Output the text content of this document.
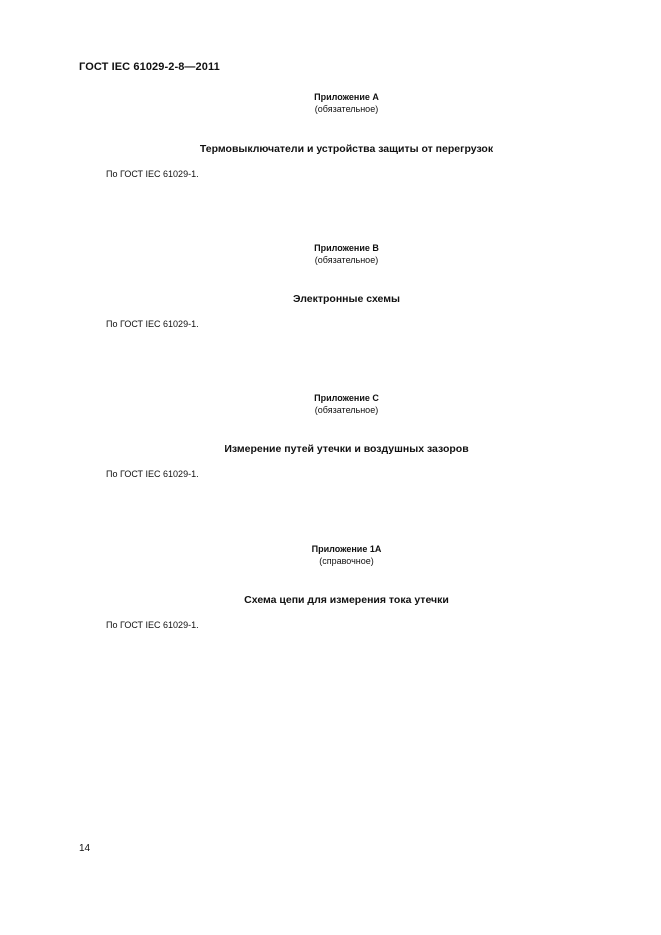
ГОСТ IEC 61029-2-8—2011
Приложение А
(обязательное)
Термовыключатели и устройства защиты от перегрузок
По ГОСТ IEC 61029-1.
Приложение В
(обязательное)
Электронные схемы
По ГОСТ IEC 61029-1.
Приложение С
(обязательное)
Измерение путей утечки и воздушных зазоров
По ГОСТ IEC 61029-1.
Приложение 1А
(справочное)
Схема цепи для измерения тока утечки
По ГОСТ IEC 61029-1.
14
